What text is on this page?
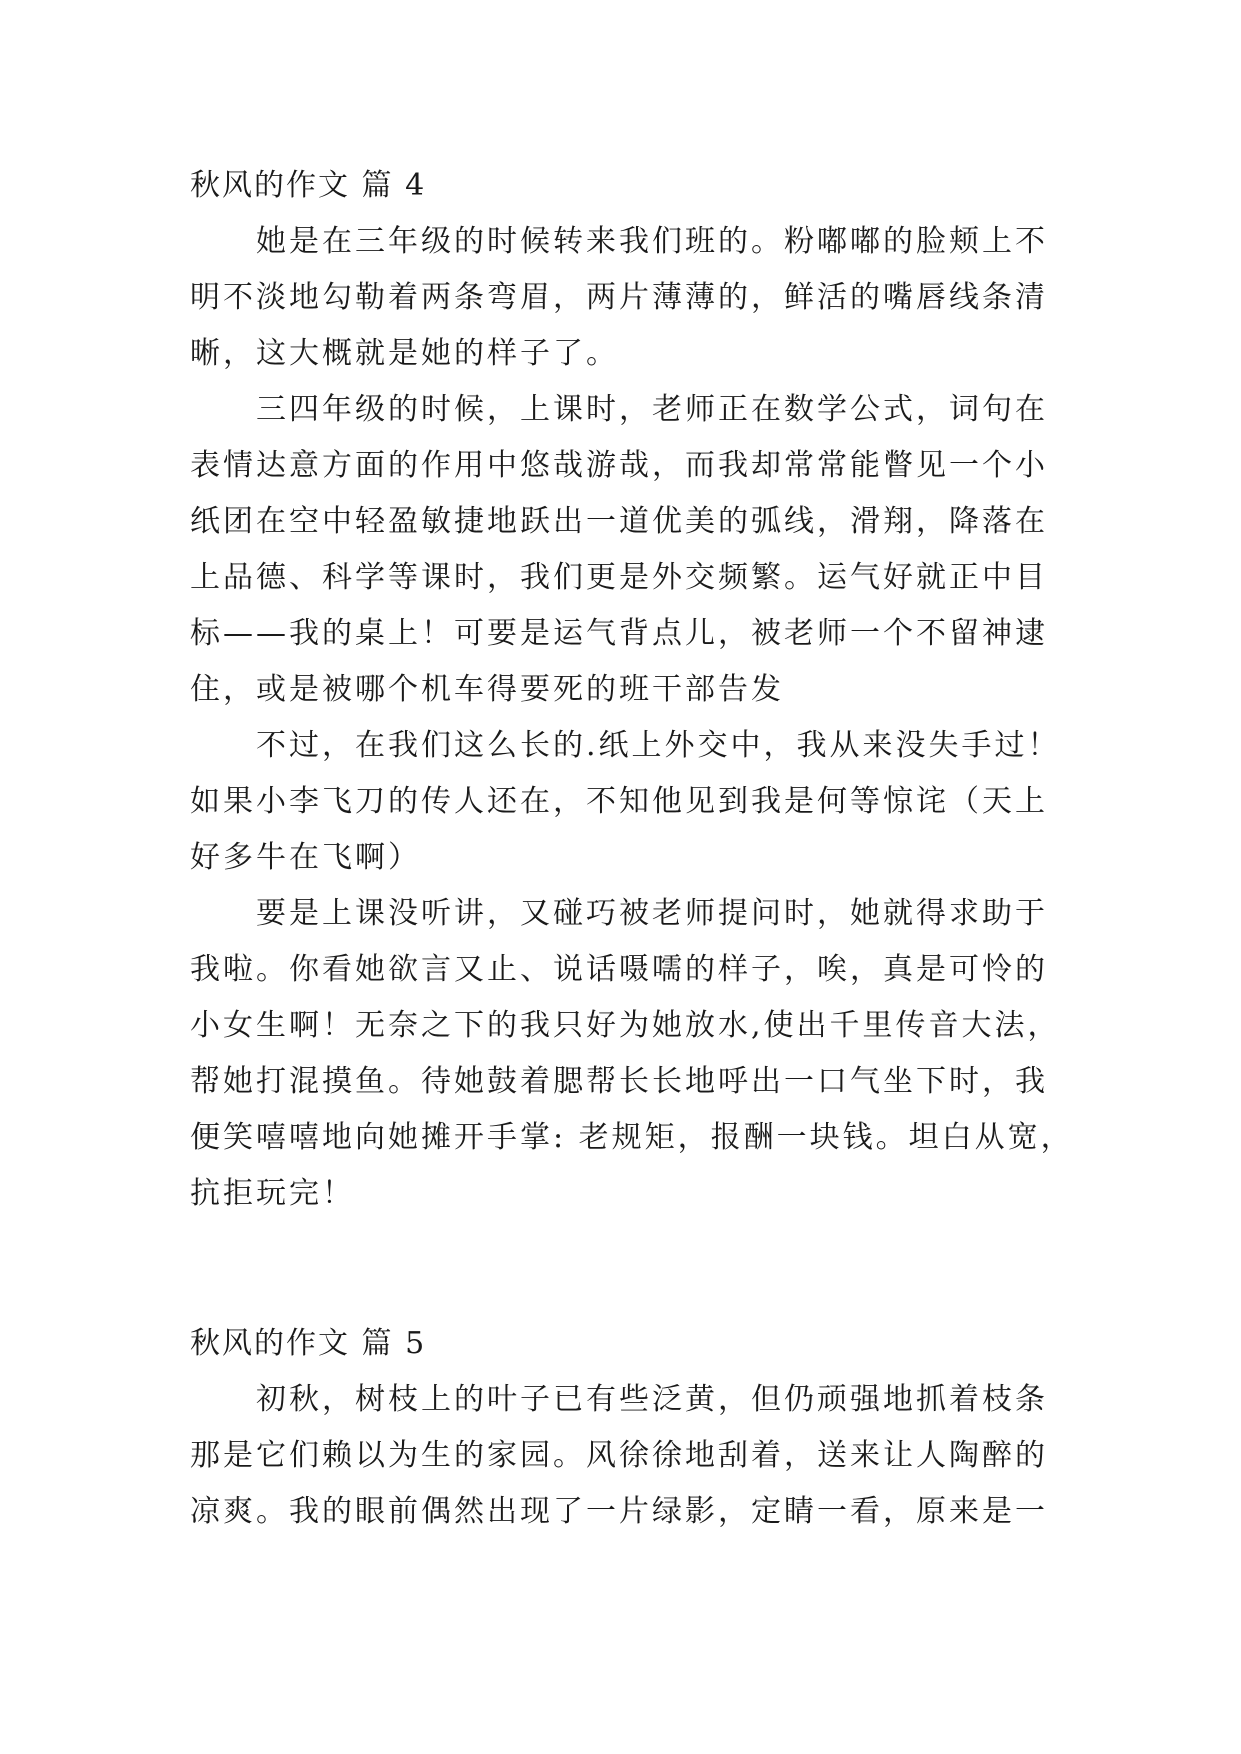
秋风的作文 篇 4
她是在三年级的时候转来我们班的。粉嘟嘟的脸颊上不
明不淡地勾勒着两条弯眉，两片薄薄的，鲜活的嘴唇线条清
晰，这大概就是她的样子了。
三四年级的时候，上课时，老师正在数学公式，词句在
表情达意方面的作用中悠哉游哉，而我却常常能瞥见一个小
纸团在空中轻盈敏捷地跃出一道优美的弧线，滑翔，降落在
上品德、科学等课时，我们更是外交频繁。运气好就正中目
标——我的桌上！可要是运气背点儿，被老师一个不留神逮
住，或是被哪个机车得要死的班干部告发
不过，在我们这么长的.纸上外交中，我从来没失手过！
如果小李飞刀的传人还在，不知他见到我是何等惊诧（天上
好多牛在飞啊）
要是上课没听讲，又碰巧被老师提问时，她就得求助于
我啦。你看她欲言又止、说话嗫嚅的样子，唉，真是可怜的
小女生啊！无奈之下的我只好为她放水,使出千里传音大法，
帮她打混摸鱼。待她鼓着腮帮长长地呼出一口气坐下时，我
便笑嘻嘻地向她摊开手掌: 老规矩，报酬一块钱。坦白从宽，
抗拒玩完！
秋风的作文 篇 5
初秋，树枝上的叶子已有些泛黄，但仍顽强地抓着枝条
那是它们赖以为生的家园。风徐徐地刮着，送来让人陶醉的
凉爽。我的眼前偶然出现了一片绿影，定睛一看，原来是一
